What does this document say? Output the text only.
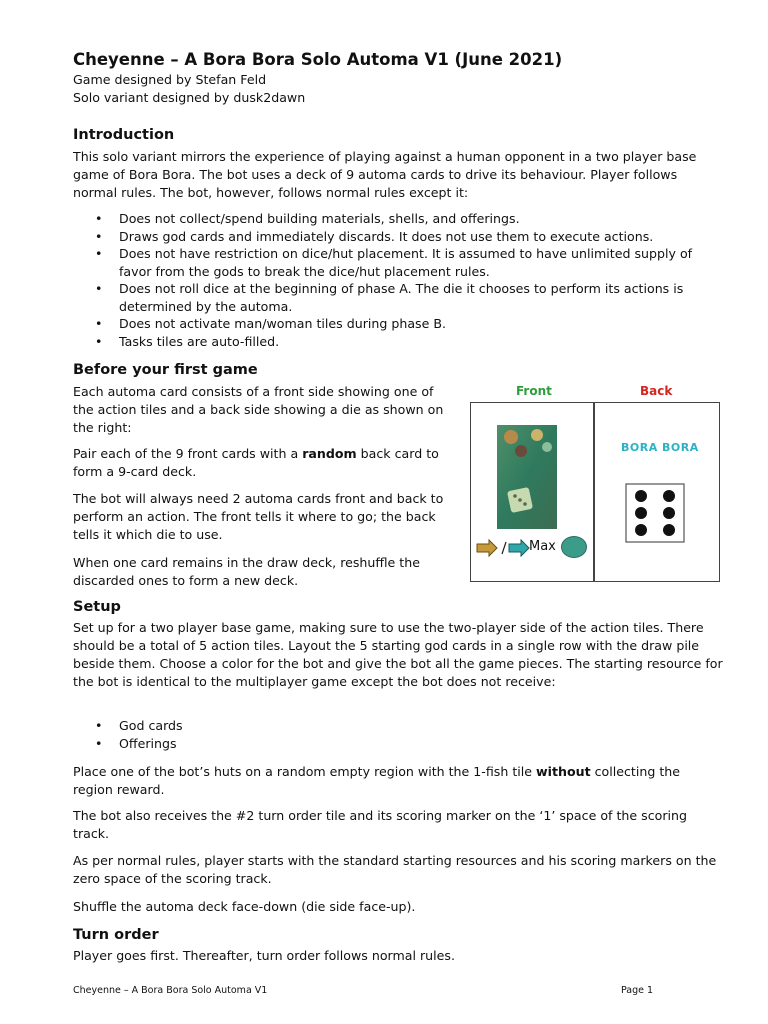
Cheyenne – A Bora Bora Solo Automa V1 (June 2021)
Game designed by Stefan Feld
Solo variant designed by dusk2dawn
Introduction

This solo variant mirrors the experience of playing against a human opponent in a two player base game of Bora Bora. The bot uses a deck of 9 automa cards to drive its behaviour. Player follows normal rules. The bot, however, follows normal rules except it:

• Does not collect/spend building materials, shells, and offerings.
• Draws god cards and immediately discards. It does not use them to execute actions.
• Does not have restriction on dice/hut placement. It is assumed to have unlimited supply of favor from the gods to break the dice/hut placement rules.
• Does not roll dice at the beginning of phase A. The die it chooses to perform its actions is determined by the automa.
• Does not activate man/woman tiles during phase B.
• Tasks tiles are auto-filled.
Before your first game

Each automa card consists of a front side showing one of the action tiles and a back side showing a die as shown on the right:

Pair each of the 9 front cards with a random back card to form a 9-card deck.

The bot will always need 2 automa cards front and back to perform an action. The front tells it where to go; the back tells it which die to use.

When one card remains in the draw deck, reshuffle the discarded ones to form a new deck.

Front	Back
Max
BORA BORA
Setup

Set up for a two player base game, making sure to use the two-player side of the action tiles. There should be a total of 5 action tiles. Layout the 5 starting god cards in a single row with the draw pile beside them. Choose a color for the bot and give the bot all the game pieces. The starting resource for the bot is identical to the multiplayer game except the bot does not receive:

• God cards
• Offerings

Place one of the bot’s huts on a random empty region with the 1-fish tile without collecting the region reward.

The bot also receives the #2 turn order tile and its scoring marker on the ‘1’ space of the scoring track.

As per normal rules, player starts with the standard starting resources and his scoring markers on the zero space of the scoring track.

Shuffle the automa deck face-down (die side face-up).

Turn order

Player goes first. Thereafter, turn order follows normal rules.

Cheyenne – A Bora Bora Solo Automa V1	Page 1
